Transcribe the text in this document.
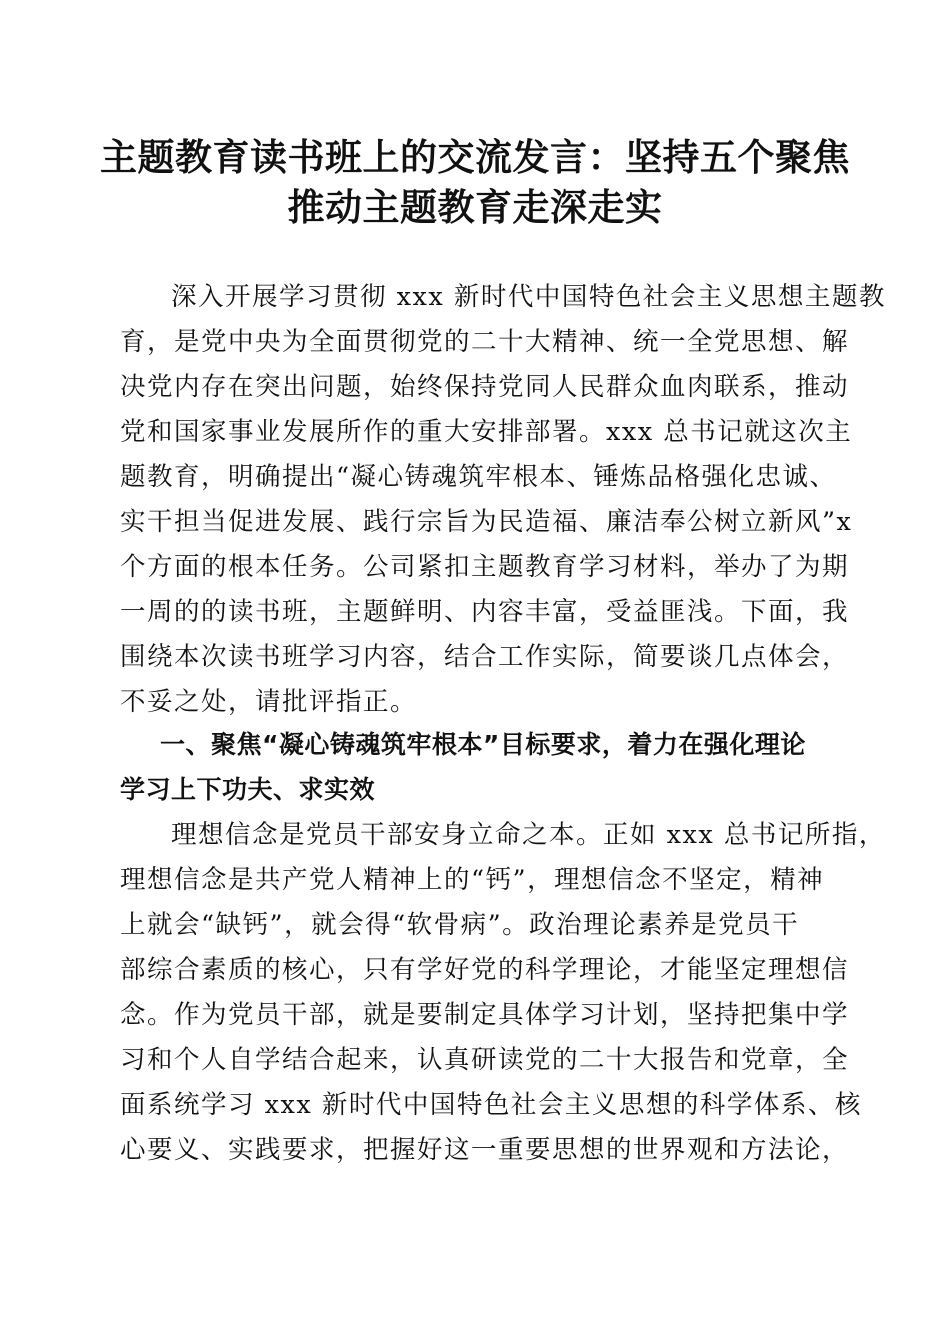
主题教育读书班上的交流发言：坚持五个聚焦
推动主题教育走深走实

深入开展学习贯彻 xxx 新时代中国特色社会主义思想主题教
育，是党中央为全面贯彻党的二十大精神、统一全党思想、解
决党内存在突出问题，始终保持党同人民群众血肉联系，推动
党和国家事业发展所作的重大安排部署。xxx 总书记就这次主
题教育，明确提出“凝心铸魂筑牢根本、锤炼品格强化忠诚、
实干担当促进发展、践行宗旨为民造福、廉洁奉公树立新风”x
个方面的根本任务。公司紧扣主题教育学习材料，举办了为期
一周的的读书班，主题鲜明、内容丰富，受益匪浅。下面，我
围绕本次读书班学习内容，结合工作实际，简要谈几点体会，
不妥之处，请批评指正。

一、聚焦“凝心铸魂筑牢根本”目标要求，着力在强化理论
学习上下功夫、求实效

理想信念是党员干部安身立命之本。正如 xxx 总书记所指，
理想信念是共产党人精神上的“钙”，理想信念不坚定，精神
上就会“缺钙”，就会得“软骨病”。政治理论素养是党员干
部综合素质的核心，只有学好党的科学理论，才能坚定理想信
念。作为党员干部，就是要制定具体学习计划，坚持把集中学
习和个人自学结合起来，认真研读党的二十大报告和党章，全
面系统学习 xxx 新时代中国特色社会主义思想的科学体系、核
心要义、实践要求，把握好这一重要思想的世界观和方法论，
